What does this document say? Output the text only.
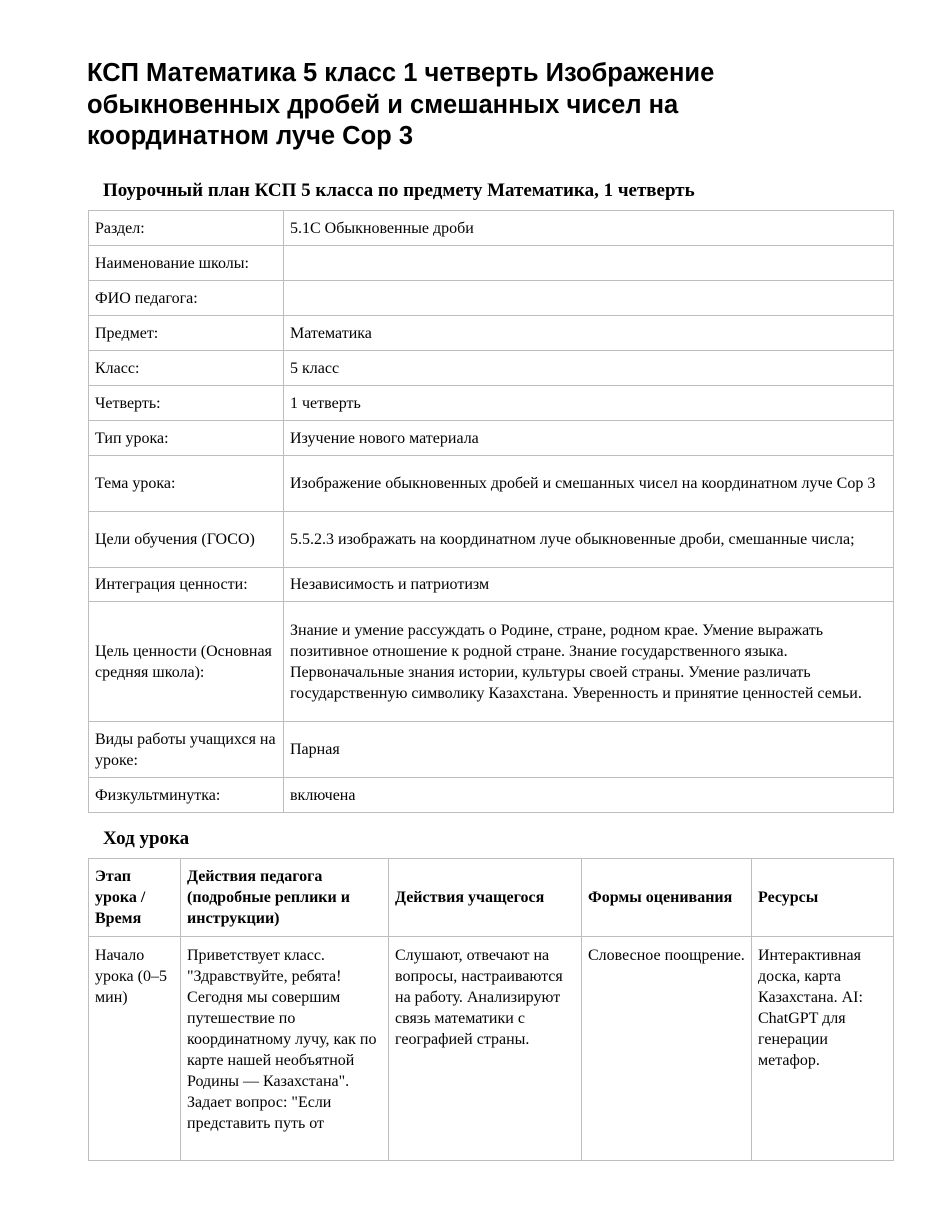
КСП Математика 5 класс 1 четверть Изображение обыкновенных дробей и смешанных чисел на координатном луче Сор 3
Поурочный план КСП 5 класса по предмету Математика, 1 четверть
Раздел:	5.1С Обыкновенные дроби
Наименование школы:	
ФИО педагога:	
Предмет:	Математика
Класс:	5 класс
Четверть:	1 четверть
Тип урока:	Изучение нового материала
Тема урока:	Изображение обыкновенных дробей и смешанных чисел на координатном луче Сор 3
Цели обучения (ГОСО)	5.5.2.3 изображать на координатном луче обыкновенные дроби, смешанные числа;
Интеграция ценности:	Независимость и патриотизм
Цель ценности (Основная средняя школа):	Знание и умение рассуждать о Родине, стране, родном крае. Умение выражать позитивное отношение к родной стране. Знание государственного языка. Первоначальные знания истории, культуры своей страны. Умение различать государственную символику Казахстана. Уверенность и принятие ценностей семьи.
Виды работы учащихся на уроке:	Парная
Физкультминутка:	включена
Ход урока
Этап урока / Время	Действия педагога (подробные реплики и инструкции)	Действия учащегося	Формы оценивания	Ресурсы
Начало урока (0–5 мин)	Приветствует класс. "Здравствуйте, ребята! Сегодня мы совершим путешествие по координатному лучу, как по карте нашей необъятной Родины — Казахстана". Задает вопрос: "Если представить путь от	Слушают, отвечают на вопросы, настраиваются на работу. Анализируют связь математики с географией страны.	Словесное поощрение.	Интерактивная доска, карта Казахстана. AI: ChatGPT для генерации метафор.
